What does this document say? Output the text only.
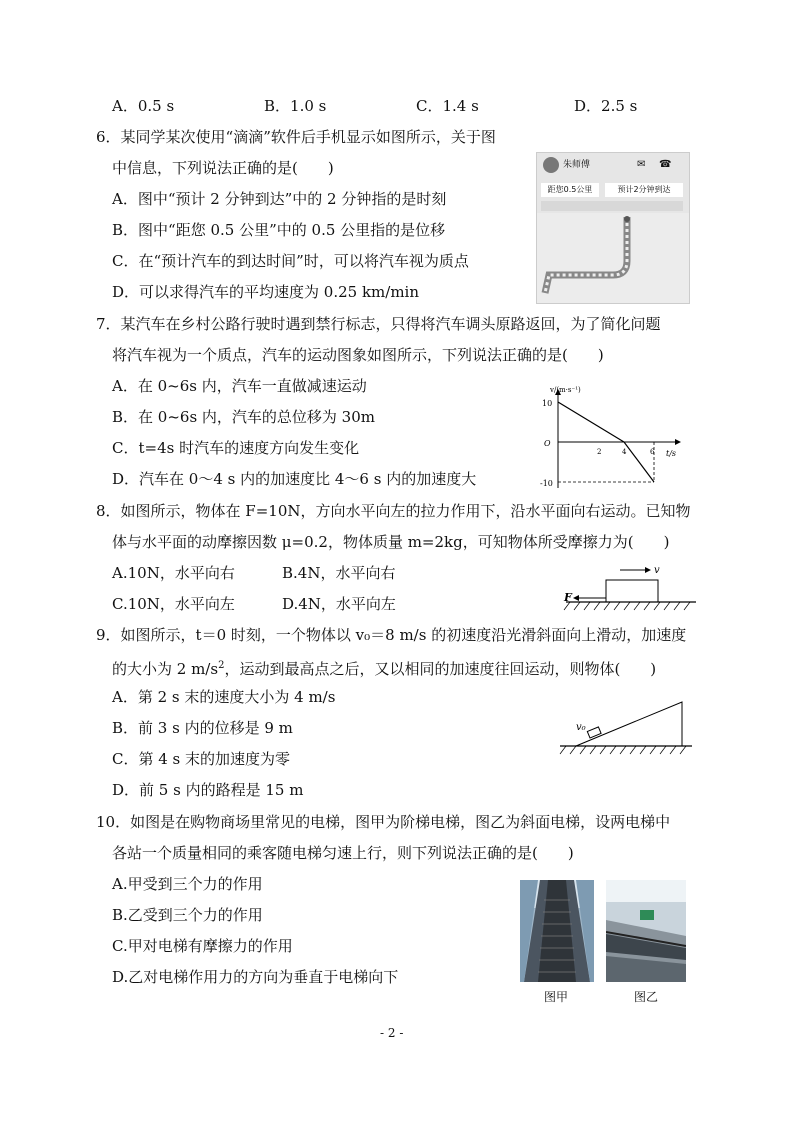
A．0.5 s	B．1.0 s	C．1.4 s	D．2.5 s
6．某同学某次使用“滴滴”软件后手机显示如图所示，关于图
中信息，下列说法正确的是(　　)
A．图中“预计 2 分钟到达”中的 2 分钟指的是时刻
B．图中“距您 0.5 公里”中的 0.5 公里指的是位移
C．在“预计汽车的到达时间”时，可以将汽车视为质点
D．可以求得汽车的平均速度为 0.25 km/min
朱师傅	✉ ☎
距您0.5公里	预计2分钟到达
7．某汽车在乡村公路行驶时遇到禁行标志，只得将汽车调头原路返回，为了简化问题
将汽车视为一个质点，汽车的运动图象如图所示，下列说法正确的是(　　)
A．在 0~6s 内，汽车一直做减速运动
B．在 0~6s 内，汽车的总位移为 30m
C．t=4s 时汽车的速度方向发生变化
D．汽车在 0～4 s 内的加速度比 4～6 s 内的加速度大
v/(m·s⁻¹)
t/s
O
10
-10
2	4	6
8．如图所示，物体在 F=10N，方向水平向左的拉力作用下，沿水平面向右运动。已知物
体与水平面的动摩擦因数 μ=0.2，物体质量 m=2kg，可知物体所受摩擦力为(　　)
A.10N，水平向右	B.4N，水平向右
C.10N，水平向左	D.4N，水平向左
v
F
9．如图所示，t＝0 时刻，一个物体以 v₀＝8 m/s 的初速度沿光滑斜面向上滑动，加速度
的大小为 2 $m/s^2$，运动到最高点之后，又以相同的加速度往回运动，则物体(　　)
A．第 2 s 末的速度大小为 4 m/s
B．前 3 s 内的位移是 9 m
C．第 4 s 末的加速度为零
D．前 5 s 内的路程是 15 m
v₀
10．如图是在购物商场里常见的电梯，图甲为阶梯电梯，图乙为斜面电梯，设两电梯中
各站一个质量相同的乘客随电梯匀速上行，则下列说法正确的是(　　)
A.甲受到三个力的作用
B.乙受到三个力的作用
C.甲对电梯有摩擦力的作用
D.乙对电梯作用力的方向为垂直于电梯向下
图甲	图乙
- 2 -
